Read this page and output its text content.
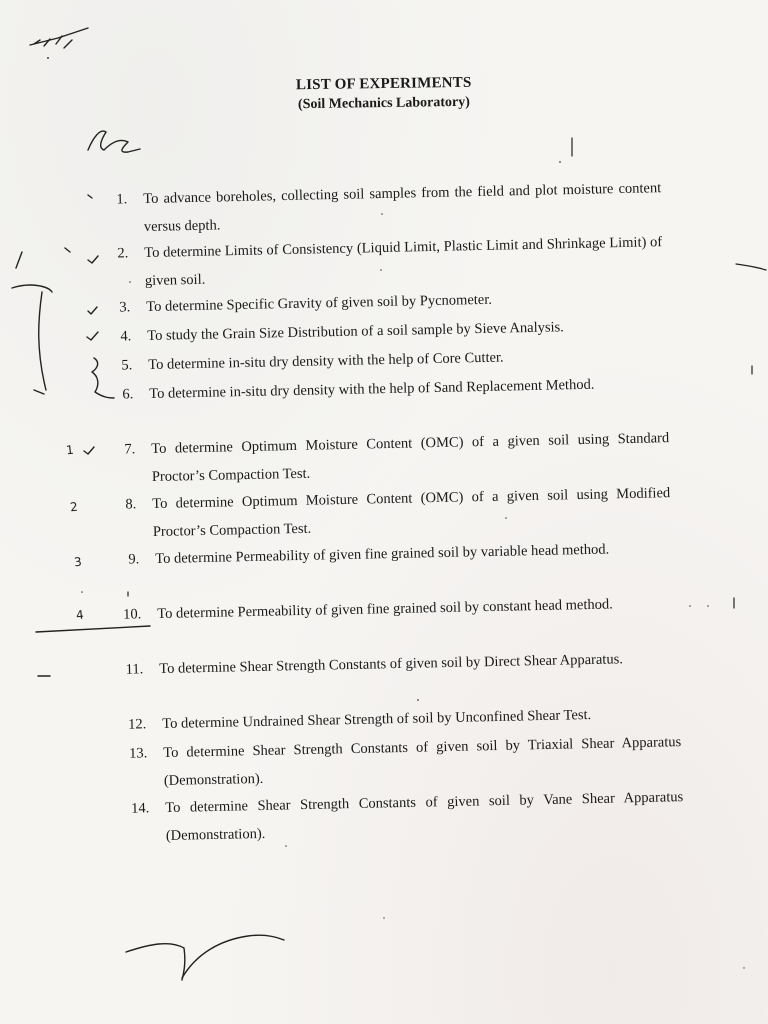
LIST OF EXPERIMENTS
(Soil Mechanics Laboratory)
1. To advance boreholes, collecting soil samples from the field and plot moisture content versus depth.
2. To determine Limits of Consistency (Liquid Limit, Plastic Limit and Shrinkage Limit) of given soil.
3. To determine Specific Gravity of given soil by Pycnometer.
4. To study the Grain Size Distribution of a soil sample by Sieve Analysis.
5. To determine in-situ dry density with the help of Core Cutter.
6. To determine in-situ dry density with the help of Sand Replacement Method.
7. To determine Optimum Moisture Content (OMC) of a given soil using Standard Proctor’s Compaction Test.
8. To determine Optimum Moisture Content (OMC) of a given soil using Modified Proctor’s Compaction Test.
9. To determine Permeability of given fine grained soil by variable head method.
10. To determine Permeability of given fine grained soil by constant head method.
11. To determine Shear Strength Constants of given soil by Direct Shear Apparatus.
12. To determine Undrained Shear Strength of soil by Unconfined Shear Test.
13. To determine Shear Strength Constants of given soil by Triaxial Shear Apparatus (Demonstration).
14. To determine Shear Strength Constants of given soil by Vane Shear Apparatus (Demonstration).
1
2
3
4
